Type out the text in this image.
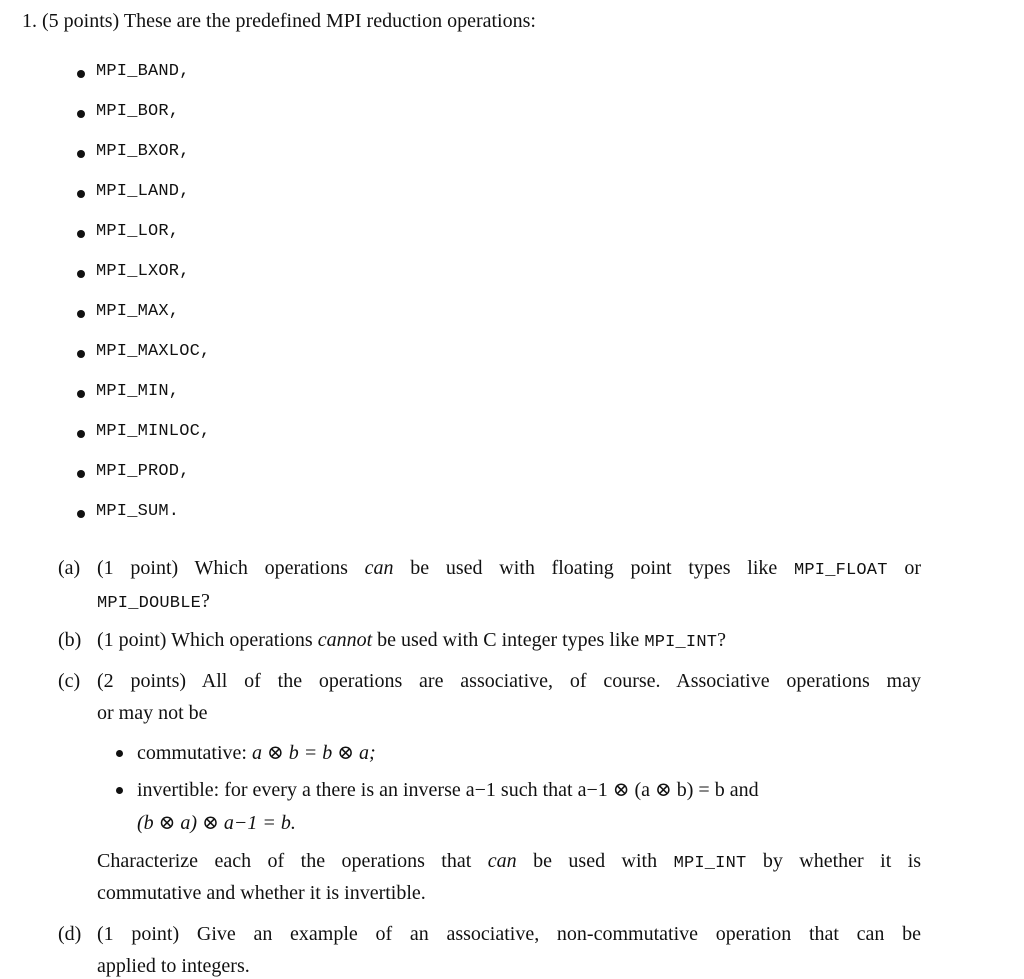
1. (5 points) These are the predefined MPI reduction operations:
MPI_BAND,
MPI_BOR,
MPI_BXOR,
MPI_LAND,
MPI_LOR,
MPI_LXOR,
MPI_MAX,
MPI_MAXLOC,
MPI_MIN,
MPI_MINLOC,
MPI_PROD,
MPI_SUM.
(a) (1 point) Which operations can be used with floating point types like MPI_FLOAT or
MPI_DOUBLE?
(b) (1 point) Which operations cannot be used with C integer types like MPI_INT?
(c) (2 points) All of the operations are associative, of course. Associative operations may
or may not be
commutative: a ⊗ b = b ⊗ a;
invertible: for every a there is an inverse a−1 such that a−1 ⊗ (a ⊗ b) = b and
(b ⊗ a) ⊗ a−1 = b.
Characterize each of the operations that can be used with MPI_INT by whether it is
commutative and whether it is invertible.
(d) (1 point) Give an example of an associative, non-commutative operation that can be
applied to integers.
